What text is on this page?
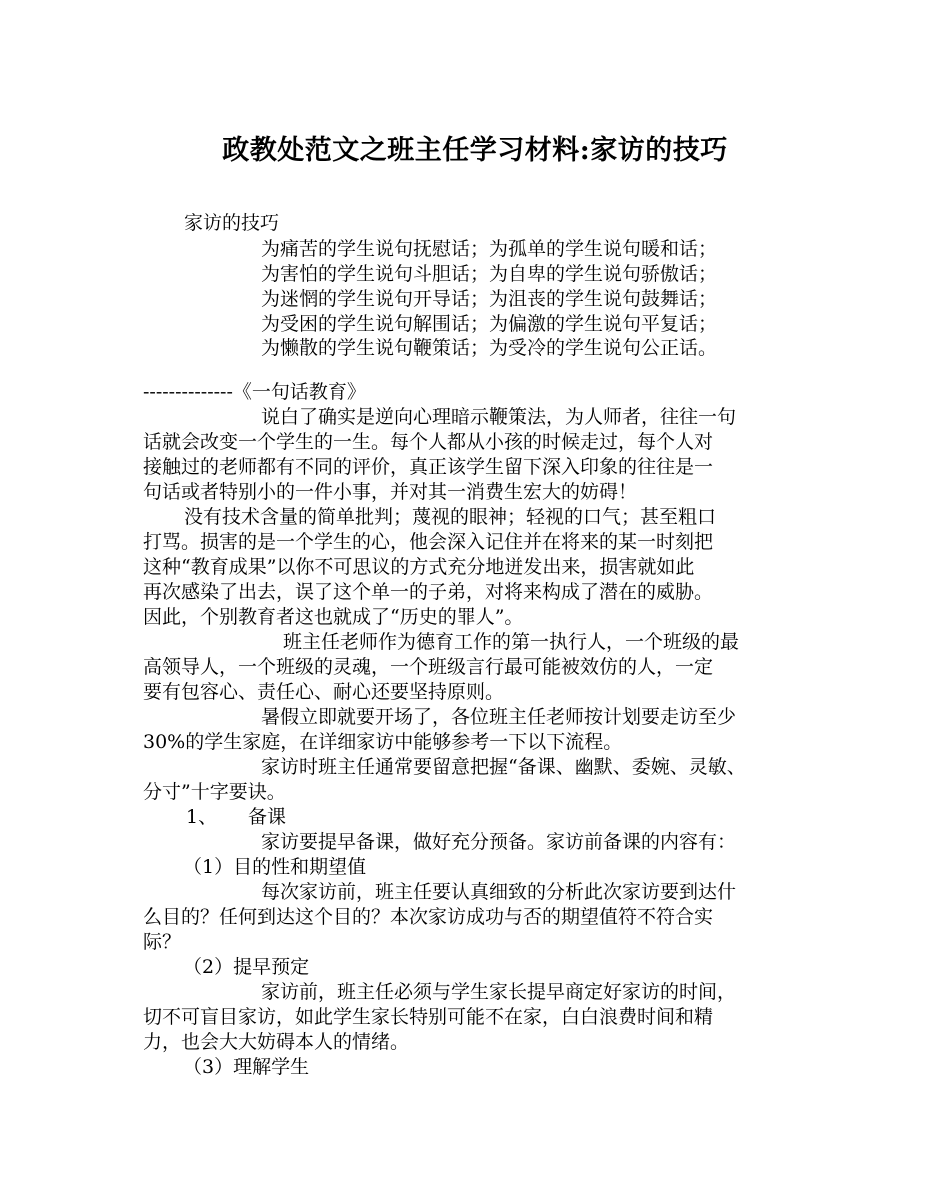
政教处范文之班主任学习材料:家访的技巧
家访的技巧
为痛苦的学生说句抚慰话；为孤单的学生说句暖和话；
为害怕的学生说句斗胆话；为自卑的学生说句骄傲话；
为迷惘的学生说句开导话；为沮丧的学生说句鼓舞话；
为受困的学生说句解围话；为偏激的学生说句平复话；
为懒散的学生说句鞭策话；为受冷的学生说句公正话。
--------------《一句话教育》
说白了确实是逆向心理暗示鞭策法，为人师者，往往一句
话就会改变一个学生的一生。每个人都从小孩的时候走过，每个人对
接触过的老师都有不同的评价，真正该学生留下深入印象的往往是一
句话或者特别小的一件小事，并对其一消费生宏大的妨碍！
没有技术含量的简单批判；蔑视的眼神；轻视的口气；甚至粗口
打骂。损害的是一个学生的心，他会深入记住并在将来的某一时刻把
这种“教育成果”以你不可思议的方式充分地迸发出来，损害就如此
再次感染了出去，误了这个单一的子弟，对将来构成了潜在的威胁。
因此，个别教育者这也就成了“历史的罪人”。
班主任老师作为德育工作的第一执行人，一个班级的最
高领导人，一个班级的灵魂，一个班级言行最可能被效仿的人，一定
要有包容心、责任心、耐心还要坚持原则。
暑假立即就要开场了，各位班主任老师按计划要走访至少
30%的学生家庭，在详细家访中能够参考一下以下流程。
家访时班主任通常要留意把握“备课、幽默、委婉、灵敏、
分寸”十字要诀。
1、 备课
家访要提早备课，做好充分预备。家访前备课的内容有：
（1）目的性和期望值
每次家访前，班主任要认真细致的分析此次家访要到达什
么目的？任何到达这个目的？本次家访成功与否的期望值符不符合实
际？
（2）提早预定
家访前，班主任必须与学生家长提早商定好家访的时间，
切不可盲目家访，如此学生家长特别可能不在家，白白浪费时间和精
力，也会大大妨碍本人的情绪。
（3）理解学生
